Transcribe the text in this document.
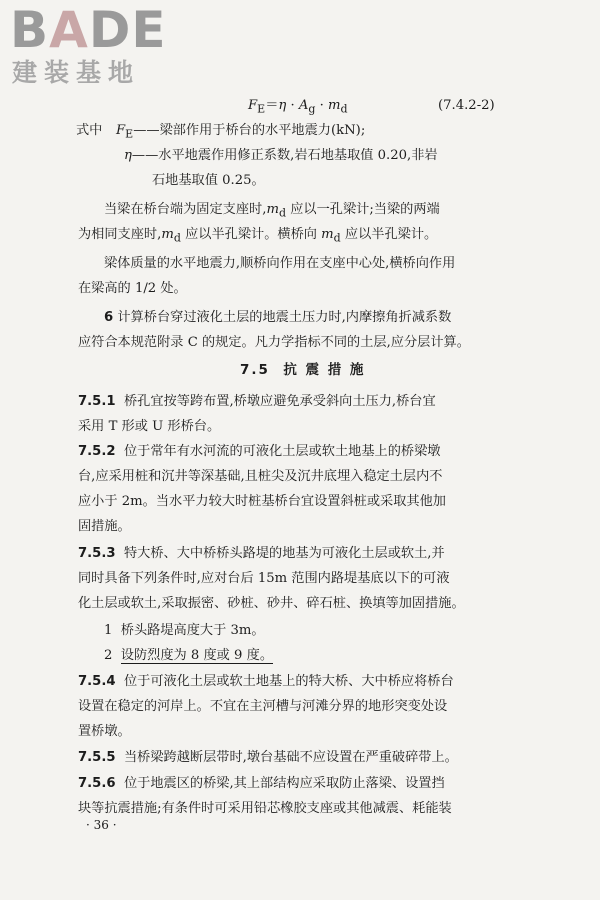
BADE
建装基地
$F_E=\eta \cdot A_g \cdot m_d$	(7.4.2-2)
式中 $F_E——$梁部作用于桥台的水平地震力(kN);
η——水平地震作用修正系数,岩石地基取值 0.20,非岩
石地基取值 0.25。
当梁在桥台端为固定支座时$,m_d$ 应以一孔梁计;当梁的两端
为相同支座时$,m_d$ 应以半孔梁计。横桥向 $m_d$ 应以半孔梁计。
梁体质量的水平地震力,顺桥向作用在支座中心处,横桥向作用
在梁高的 1/2 处。
6 计算桥台穿过液化土层的地震土压力时,内摩擦角折减系数
应符合本规范附录 C 的规定。凡力学指标不同的土层,应分层计算。
7.5 抗 震 措 施
7.5.1 桥孔宜按等跨布置,桥墩应避免承受斜向土压力,桥台宜
采用 T 形或 U 形桥台。
7.5.2 位于常年有水河流的可液化土层或软土地基上的桥梁墩
台,应采用桩和沉井等深基础,且桩尖及沉井底埋入稳定土层内不
应小于 2m。当水平力较大时桩基桥台宜设置斜桩或采取其他加
固措施。
7.5.3 特大桥、大中桥桥头路堤的地基为可液化土层或软土,并
同时具备下列条件时,应对台后 15m 范围内路堤基底以下的可液
化土层或软土,采取振密、砂桩、砂井、碎石桩、换填等加固措施。
1 桥头路堤高度大于 3m。
2 设防烈度为 8 度或 9 度。
7.5.4 位于可液化土层或软土地基上的特大桥、大中桥应将桥台
设置在稳定的河岸上。不宜在主河槽与河滩分界的地形突变处设
置桥墩。
7.5.5 当桥梁跨越断层带时,墩台基础不应设置在严重破碎带上。
7.5.6 位于地震区的桥梁,其上部结构应采取防止落梁、设置挡
块等抗震措施;有条件时可采用铅芯橡胶支座或其他减震、耗能装
· 36 ·
